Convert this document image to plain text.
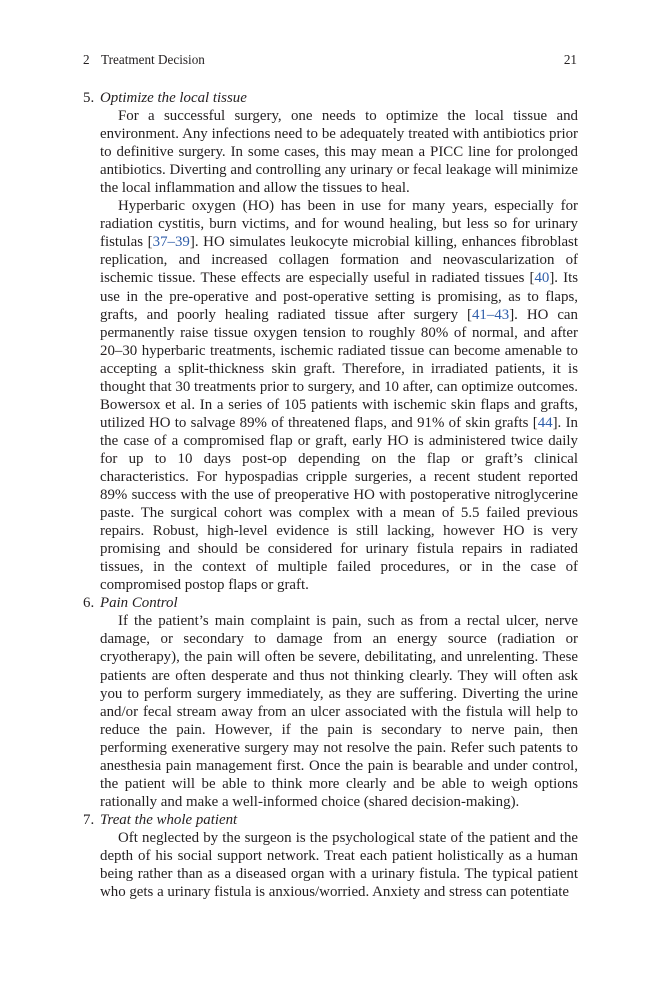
2 Treatment Decision	21

5. Optimize the local tissue

For a successful surgery, one needs to optimize the local tissue and environment. Any infections need to be adequately treated with antibiotics prior to definitive surgery. In some cases, this may mean a PICC line for prolonged antibiotics. Diverting and controlling any urinary or fecal leakage will minimize the local inflammation and allow the tissues to heal.

Hyperbaric oxygen (HO) has been in use for many years, especially for radiation cystitis, burn victims, and for wound healing, but less so for urinary fistulas [37–39]. HO simulates leukocyte microbial killing, enhances fibroblast replication, and increased collagen formation and neovascularization of ischemic tissue. These effects are especially useful in radiated tissues [40]. Its use in the pre-operative and post-operative setting is promising, as to flaps, grafts, and poorly healing radiated tissue after surgery [41–43]. HO can permanently raise tissue oxygen tension to roughly 80% of normal, and after 20–30 hyperbaric treatments, ischemic radiated tissue can become amenable to accepting a split-thickness skin graft. Therefore, in irradiated patients, it is thought that 30 treatments prior to surgery, and 10 after, can optimize outcomes. Bowersox et al. In a series of 105 patients with ischemic skin flaps and grafts, utilized HO to salvage 89% of threatened flaps, and 91% of skin grafts [44]. In the case of a compromised flap or graft, early HO is administered twice daily for up to 10 days post-op depending on the flap or graft’s clinical characteristics. For hypospadias cripple surgeries, a recent student reported 89% success with the use of preoperative HO with postoperative nitroglycerine paste. The surgical cohort was complex with a mean of 5.5 failed previous repairs. Robust, high-level evidence is still lacking, however HO is very promising and should be considered for urinary fistula repairs in radiated tissues, in the context of multiple failed procedures, or in the case of compromised postop flaps or graft.

6. Pain Control

If the patient’s main complaint is pain, such as from a rectal ulcer, nerve damage, or secondary to damage from an energy source (radiation or cryotherapy), the pain will often be severe, debilitating, and unrelenting. These patients are often desperate and thus not thinking clearly. They will often ask you to perform surgery immediately, as they are suffering. Diverting the urine and/or fecal stream away from an ulcer associated with the fistula will help to reduce the pain. However, if the pain is secondary to nerve pain, then performing exenerative surgery may not resolve the pain. Refer such patents to anesthesia pain management first. Once the pain is bearable and under control, the patient will be able to think more clearly and be able to weigh options rationally and make a well-informed choice (shared decision-making).

7. Treat the whole patient

Oft neglected by the surgeon is the psychological state of the patient and the depth of his social support network. Treat each patient holistically as a human being rather than as a diseased organ with a urinary fistula. The typical patient who gets a urinary fistula is anxious/worried. Anxiety and stress can potentiate
